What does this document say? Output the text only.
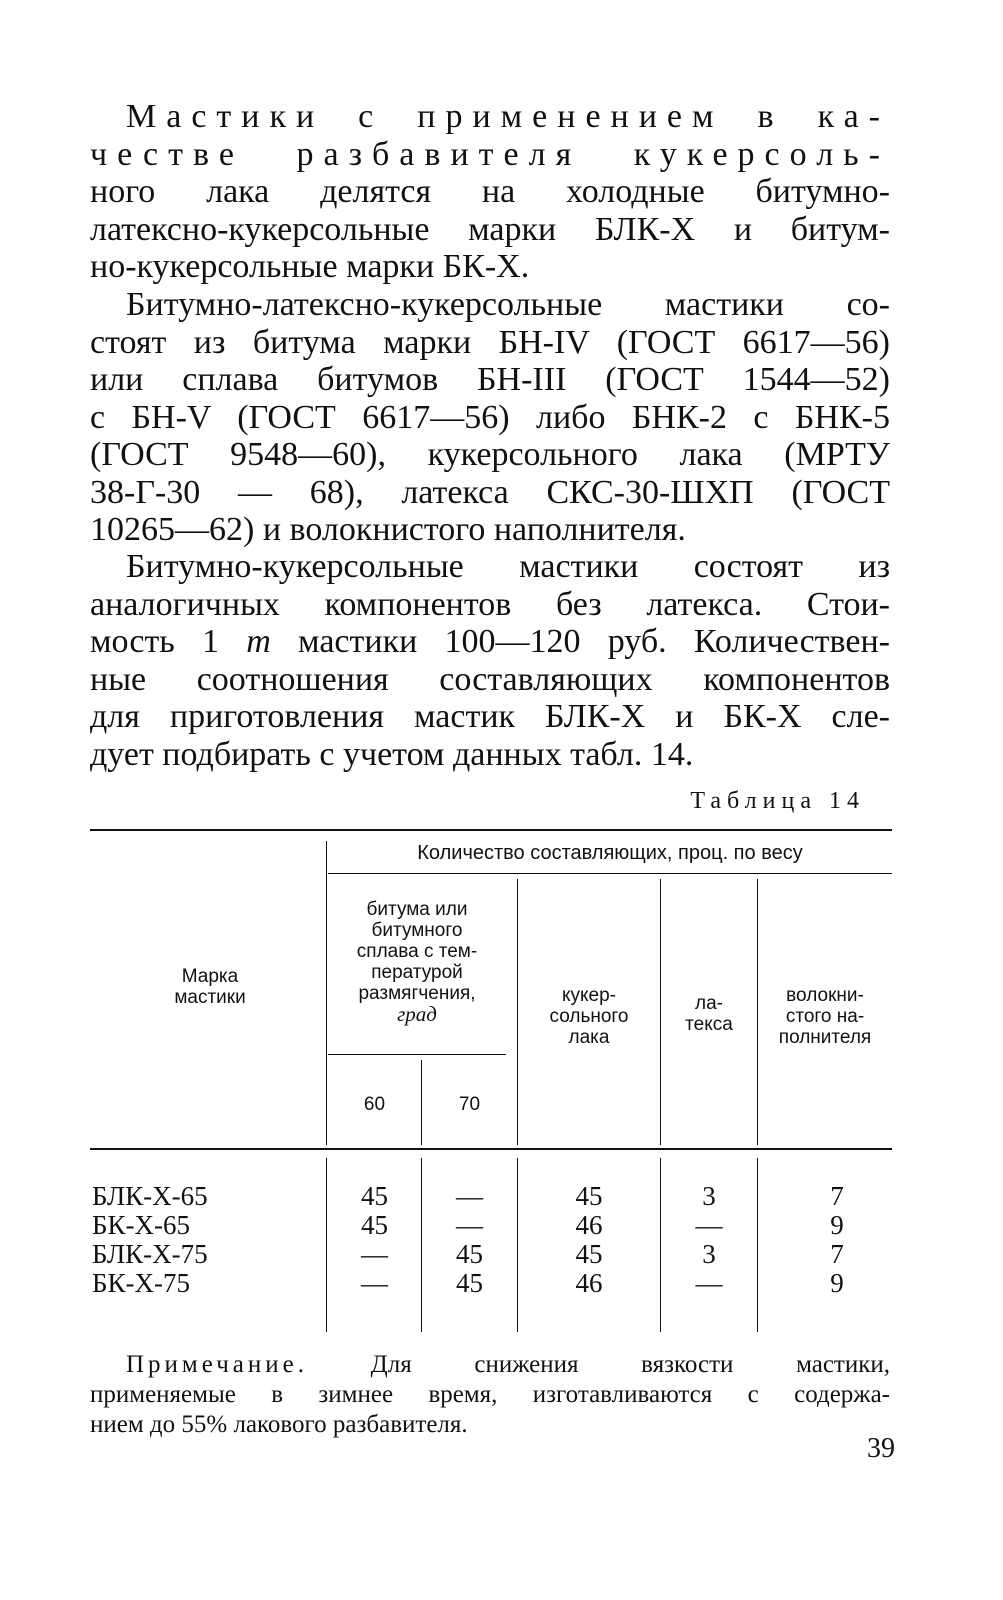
Мастики с применением в ка-
честве разбавителя кукерсоль-
ного лака делятся на холодные битумно-
латексно-кукерсольные марки БЛК-Х и битум-
но-кукерсольные марки БК-Х.

Битумно-латексно-кукерсольные мастики со-
стоят из битума марки БН-IV (ГОСТ 6617—56)
или сплава битумов БН-III (ГОСТ 1544—52)
с БН-V (ГОСТ 6617—56) либо БНК-2 с БНК-5
(ГОСТ 9548—60), кукерсольного лака (МРТУ
38-Г-30 — 68), латекса СКС-30-ШХП (ГОСТ
10265—62) и волокнистого наполнителя.

Битумно-кукерсольные мастики состоят из
аналогичных компонентов без латекса. Стои-
мость 1 т мастики 100—120 руб. Количествен-
ные соотношения составляющих компонентов
для приготовления мастик БЛК-Х и БК-Х сле-
дует подбирать с учетом данных табл. 14.

Таблица 14
Количество составляющих, проц. по весу
Марка
мастики
битума или
битумного
сплава с тем-
пературой
размягчения,
град
60	70
кукер-
сольного
лака
ла-
текса
волокни-
стого на-
полнителя
БЛК-Х-65
БК-Х-65
БЛК-Х-75
БК-Х-75
45
45
—
—
—
—
45
45
45
46
45
46
3
—
3
—
7
9
7
9
Примечание. Для снижения вязкости мастики,
применяемые в зимнее время, изготавливаются с содержа-
нием до 55% лакового разбавителя.
39
